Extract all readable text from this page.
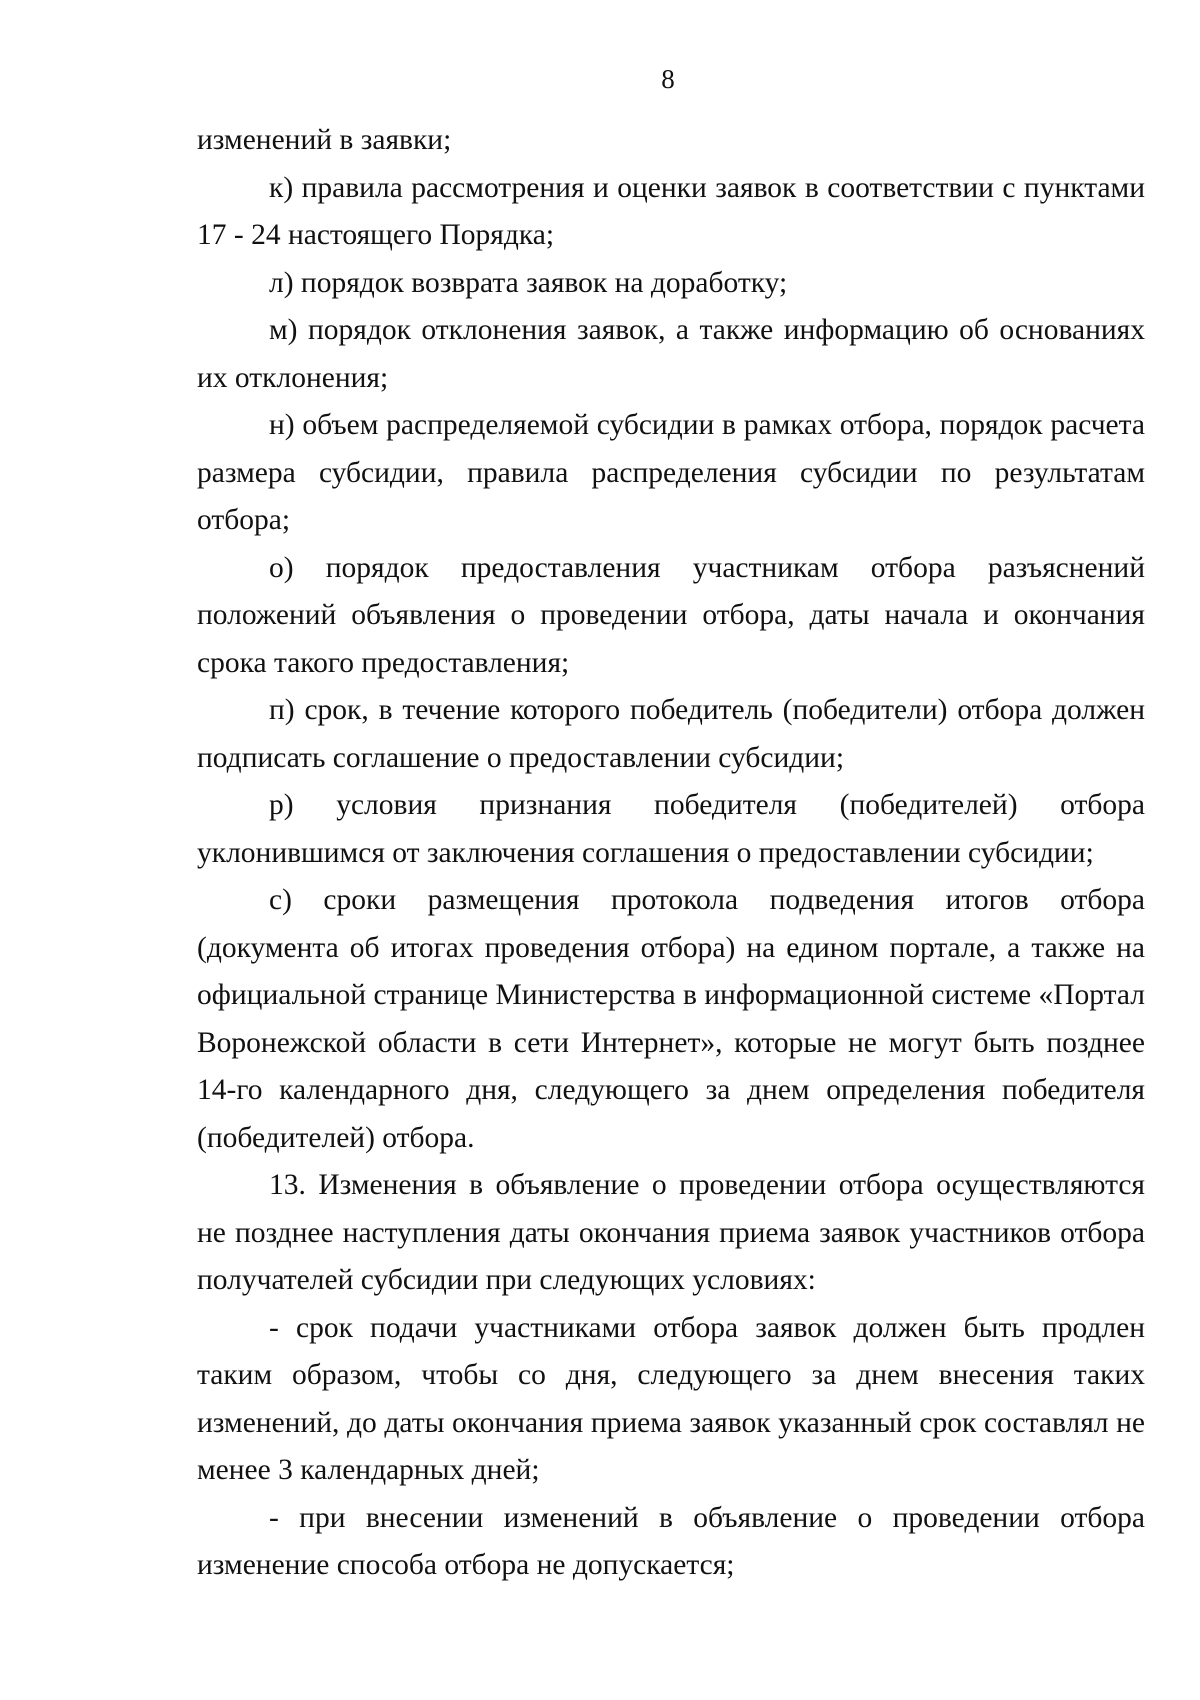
8

изменений в заявки;

к) правила рассмотрения и оценки заявок в соответствии с пунктами 17 - 24 настоящего Порядка;

л) порядок возврата заявок на доработку;

м) порядок отклонения заявок, а также информацию об основаниях их отклонения;

н) объем распределяемой субсидии в рамках отбора, порядок расчета размера субсидии, правила распределения субсидии по результатам отбора;

о) порядок предоставления участникам отбора разъяснений положений объявления о проведении отбора, даты начала и окончания срока такого предоставления;

п) срок, в течение которого победитель (победители) отбора должен подписать соглашение о предоставлении субсидии;

р) условия признания победителя (победителей) отбора уклонившимся от заключения соглашения о предоставлении субсидии;

с) сроки размещения протокола подведения итогов отбора (документа об итогах проведения отбора) на едином портале, а также на официальной странице Министерства в информационной системе «Портал Воронежской области в сети Интернет», которые не могут быть позднее 14-го календарного дня, следующего за днем определения победителя (победителей) отбора.

13. Изменения в объявление о проведении отбора осуществляются не позднее наступления даты окончания приема заявок участников отбора получателей субсидии при следующих условиях:

- срок подачи участниками отбора заявок должен быть продлен таким образом, чтобы со дня, следующего за днем внесения таких изменений, до даты окончания приема заявок указанный срок составлял не менее 3 календарных дней;

- при внесении изменений в объявление о проведении отбора изменение способа отбора не допускается;
